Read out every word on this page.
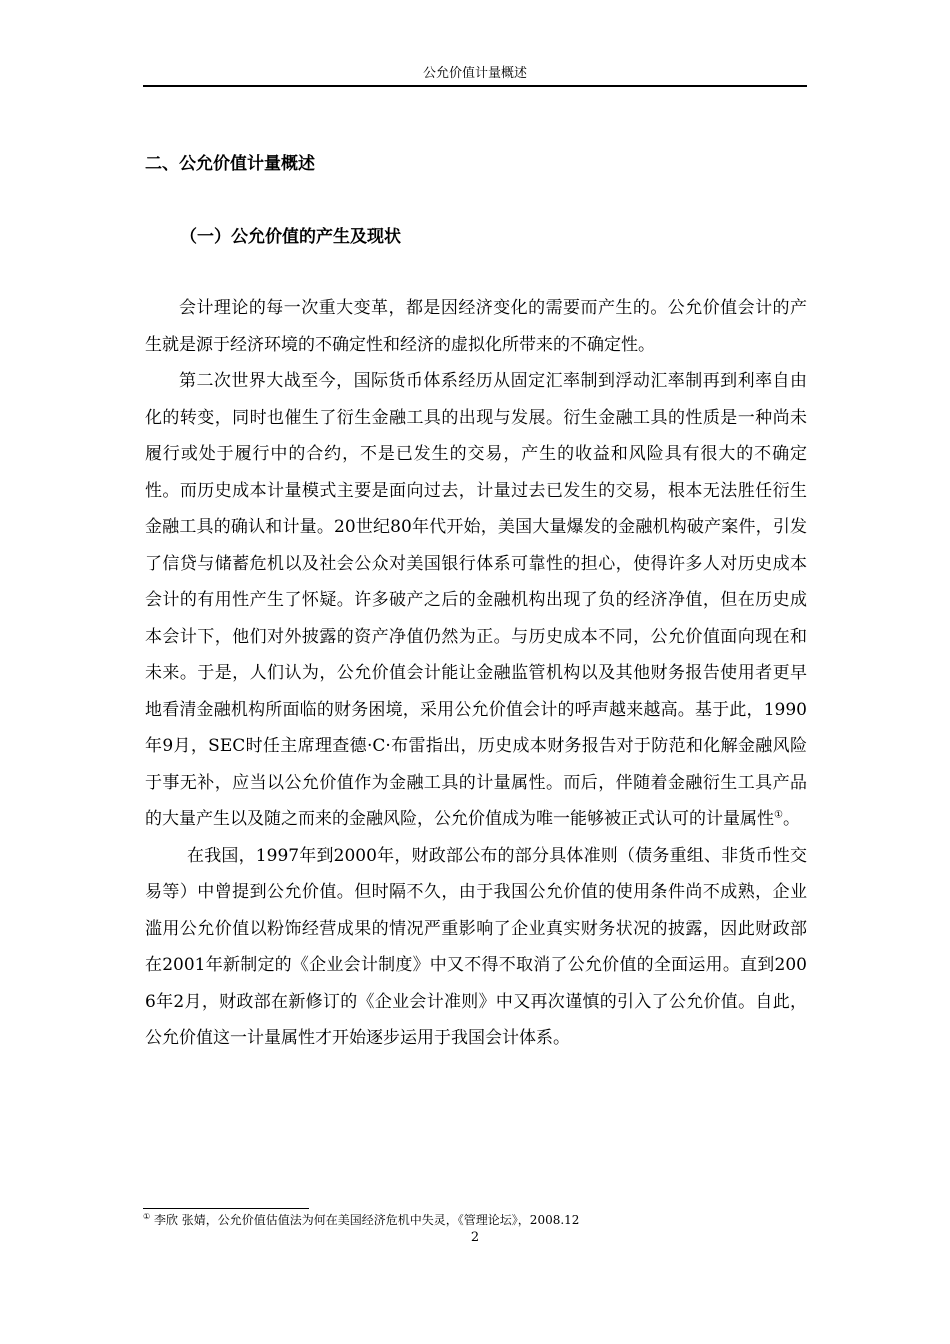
公允价值计量概述
二、公允价值计量概述
（一）公允价值的产生及现状

会计理论的每一次重大变革，都是因经济变化的需要而产生的。公允价值会计的产生就是源于经济环境的不确定性和经济的虚拟化所带来的不确定性。

第二次世界大战至今，国际货币体系经历从固定汇率制到浮动汇率制再到利率自由化的转变，同时也催生了衍生金融工具的出现与发展。衍生金融工具的性质是一种尚未履行或处于履行中的合约，不是已发生的交易，产生的收益和风险具有很大的不确定性。而历史成本计量模式主要是面向过去，计量过去已发生的交易，根本无法胜任衍生金融工具的确认和计量。20世纪80年代开始，美国大量爆发的金融机构破产案件，引发了信贷与储蓄危机以及社会公众对美国银行体系可靠性的担心，使得许多人对历史成本会计的有用性产生了怀疑。许多破产之后的金融机构出现了负的经济净值，但在历史成本会计下，他们对外披露的资产净值仍然为正。与历史成本不同，公允价值面向现在和未来。于是，人们认为，公允价值会计能让金融监管机构以及其他财务报告使用者更早地看清金融机构所面临的财务困境，采用公允价值会计的呼声越来越高。基于此，1990年9月，SEC时任主席理查德·C·布雷指出，历史成本财务报告对于防范和化解金融风险于事无补，应当以公允价值作为金融工具的计量属性。而后，伴随着金融衍生工具产品的大量产生以及随之而来的金融风险，公允价值成为唯一能够被正式认可的计量属性①。

在我国，1997年到2000年，财政部公布的部分具体准则（债务重组、非货币性交易等）中曾提到公允价值。但时隔不久，由于我国公允价值的使用条件尚不成熟，企业滥用公允价值以粉饰经营成果的情况严重影响了企业真实财务状况的披露，因此财政部在2001年新制定的《企业会计制度》中又不得不取消了公允价值的全面运用。直到2006年2月，财政部在新修订的《企业会计准则》中又再次谨慎的引入了公允价值。自此，公允价值这一计量属性才开始逐步运用于我国会计体系。

① 李欣 张婧，公允价值估值法为何在美国经济危机中失灵，《管理论坛》，2008.12
2
